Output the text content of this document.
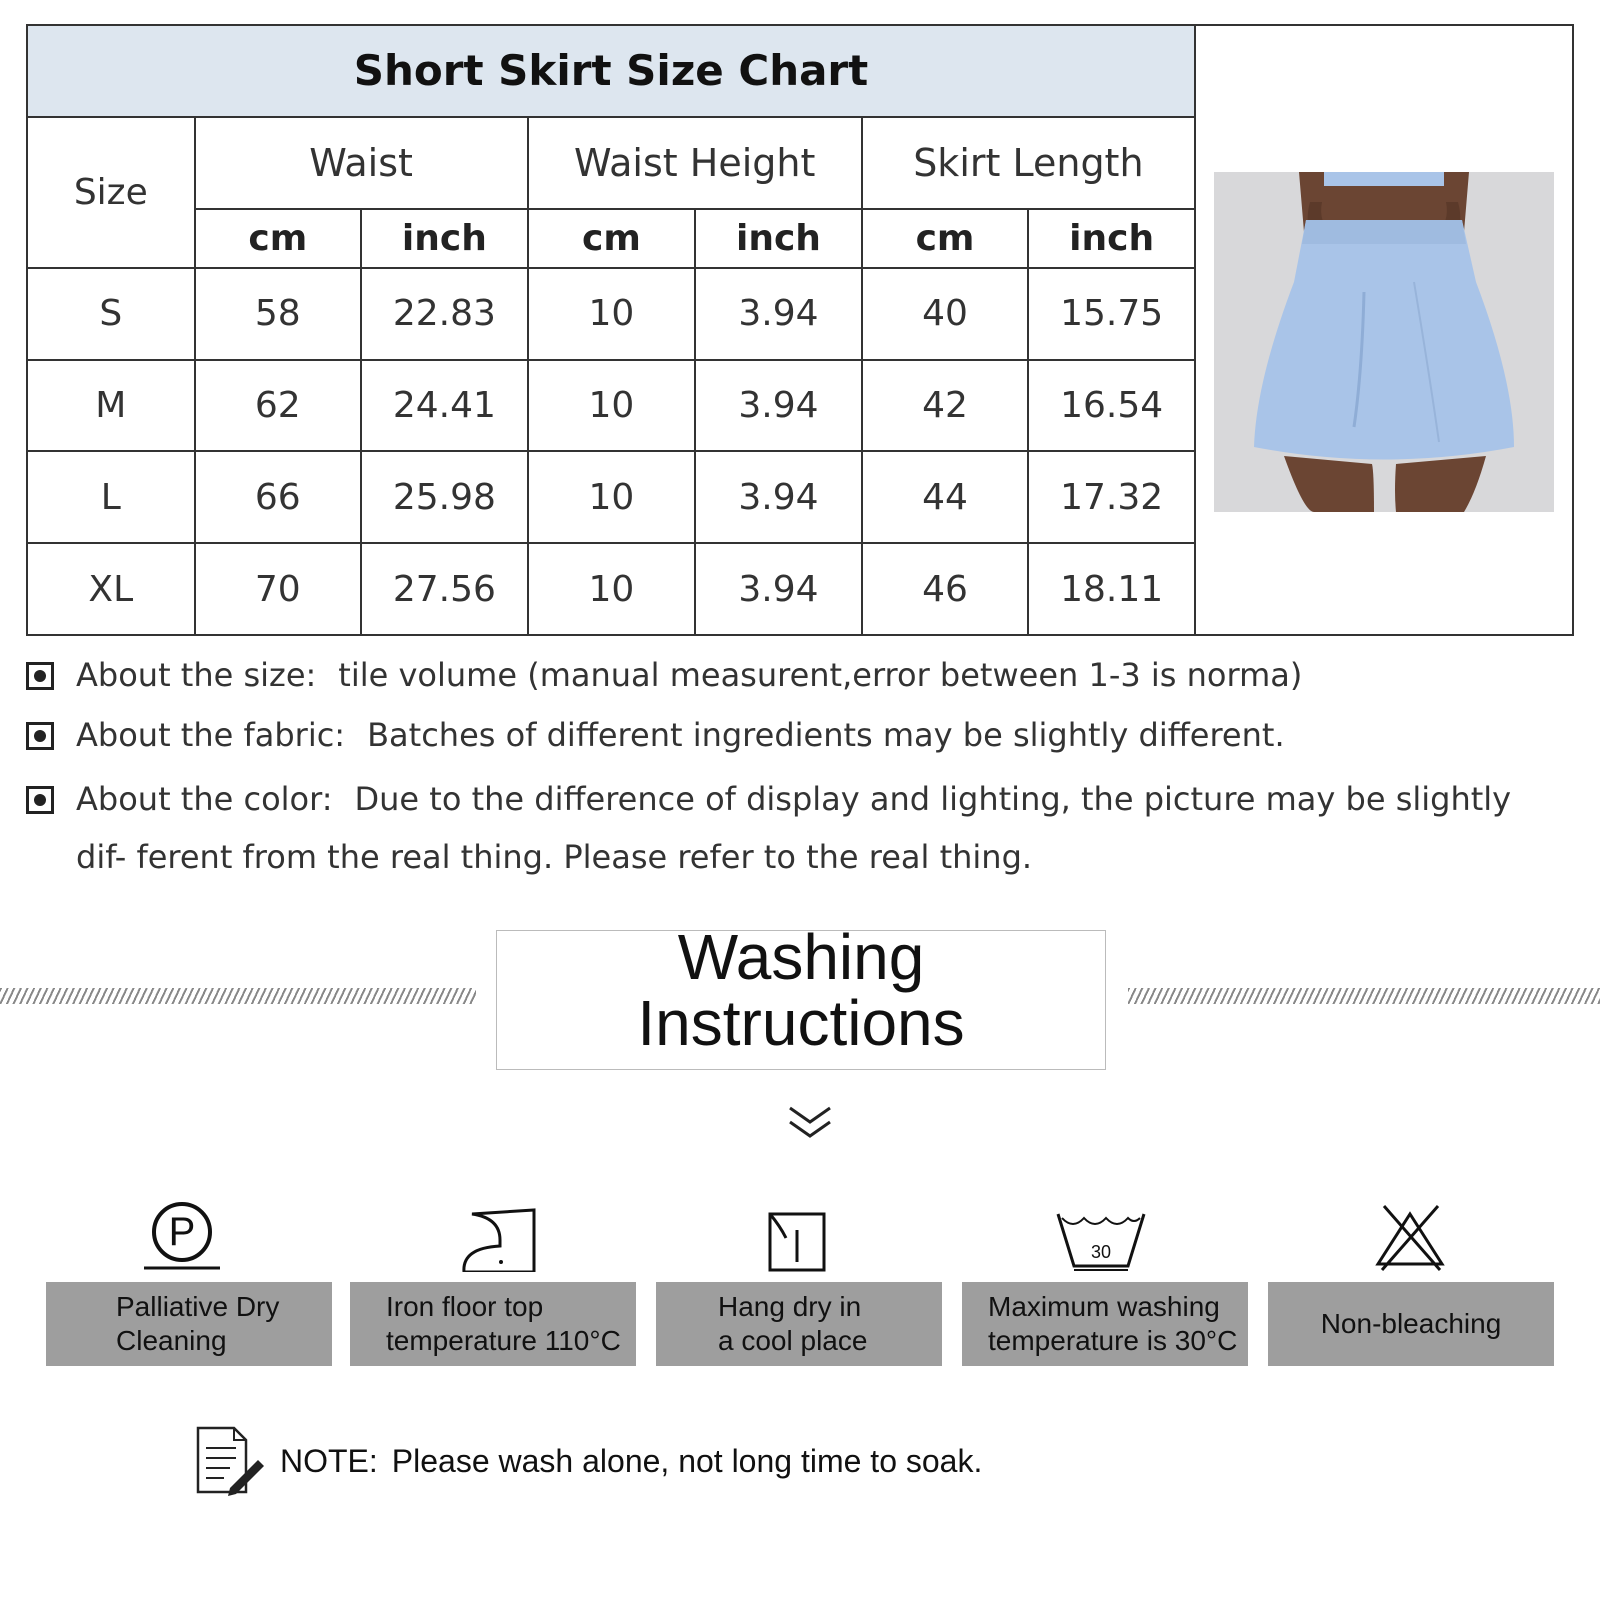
Short Skirt Size Chart						
Size	Waist		Waist Height		Skirt Length	
	cm	inch	cm	inch	cm	inch
S	58	22.83	10	3.94	40	15.75
M	62	24.41	10	3.94	42	16.54
L	66	25.98	10	3.94	44	17.32
XL	70	27.56	10	3.94	46	18.11
About the size: tile volume (manual measurent,error between 1-3 is norma)
About the fabric: Batches of different ingredients may be slightly different.
About the color: Due to the difference of display and lighting, the picture may be slightly dif- ferent from the real thing. Please refer to the real thing.
Washing
Instructions
P
Palliative Dry
Cleaning
Iron floor top
temperature 110°C
Hang dry in
a cool place
30
Maximum washing
temperature is 30°C
Non-bleaching
NOTE: Please wash alone, not long time to soak.
